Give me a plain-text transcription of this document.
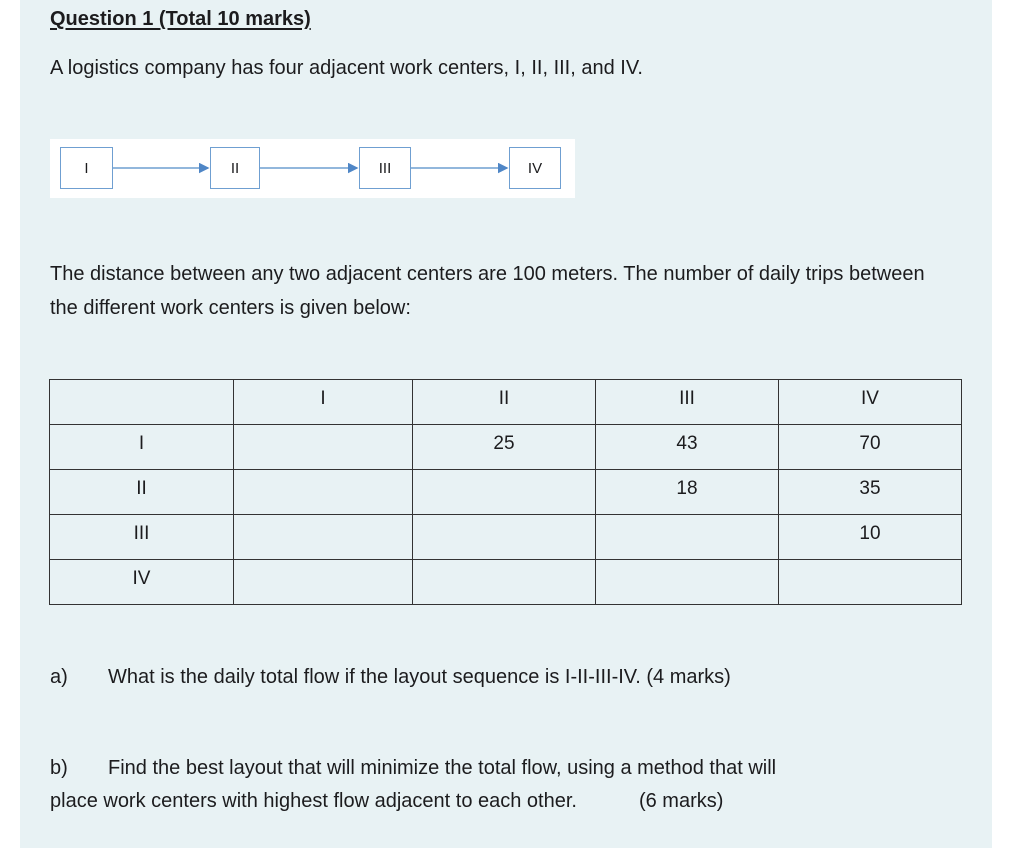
Question 1 (Total 10 marks)

A logistics company has four adjacent work centers, I, II, III, and IV.

I	II	III	IV

The distance between any two adjacent centers are 100 meters. The number of daily trips between the different work centers is given below:

	I	II	III	IV
I		25	43	70
II			18	35
III				10
IV				

a) What is the daily total flow if the layout sequence is I-II-III-IV. (4 marks)

b) Find the best layout that will minimize the total flow, using a method that will

place work centers with highest flow adjacent to each other.	(6 marks)
